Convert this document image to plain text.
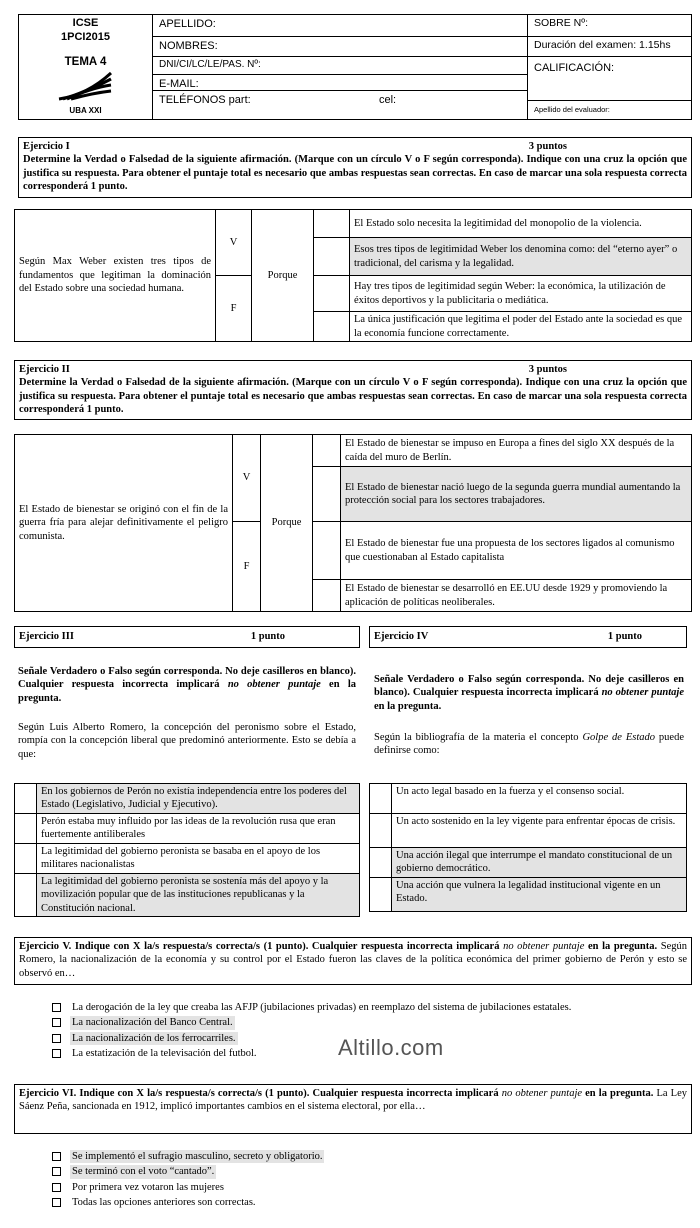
ICSE
1PCI2015
TEMA 4
UBA XXI
APELLIDO:
NOMBRES:
DNI/CI/LC/LE/PAS. Nº:
E-MAIL:
TELÉFONOS part:	cel:
SOBRE Nº:
Duración del examen: 1.15hs
CALIFICACIÓN:
Apellido del evaluador:
Ejercicio I	3 puntos
Determine la Verdad o Falsedad de la siguiente afirmación. (Marque con un círculo V o F según corresponda). Indique con una cruz la opción que justifica su respuesta. Para obtener el puntaje total es necesario que ambas respuestas sean correctas. En caso de marcar una sola respuesta correcta corresponderá 1 punto.
Según Max Weber existen tres tipos de fundamentos que legitiman la dominación del Estado sobre una sociedad humana.	V	Porque		El Estado solo necesita la legitimidad del monopolio de la violencia.
				Esos tres tipos de legitimidad Weber los denomina como: del “eterno ayer” o tradicional, del carisma y la legalidad.
	F			Hay tres tipos de legitimidad según Weber: la económica, la utilización de éxitos deportivos y la publicitaria o mediática.
				La única justificación que legitima el poder del Estado ante la sociedad es que la economía funcione correctamente.
Ejercicio II	3 puntos
Determine la Verdad o Falsedad de la siguiente afirmación. (Marque con un círculo V o F según corresponda). Indique con una cruz la opción que justifica su respuesta. Para obtener el puntaje total es necesario que ambas respuestas sean correctas. En caso de marcar una sola respuesta correcta corresponderá 1 punto.
El Estado de bienestar se originó con el fin de la guerra fría para alejar definitivamente el peligro comunista.	V	Porque		El Estado de bienestar se impuso en Europa a fines del siglo XX después de la caída del muro de Berlín.
				El Estado de bienestar nació luego de la segunda guerra mundial aumentando la protección social para los sectores trabajadores.
	F			El Estado de bienestar fue una propuesta de los sectores ligados al comunismo que cuestionaban al Estado capitalista
				El Estado de bienestar se desarrolló en EE.UU desde 1929 y promoviendo la aplicación de políticas neoliberales.
Ejercicio III	1 punto
Señale Verdadero o Falso según corresponda. No deje casilleros en blanco). Cualquier respuesta incorrecta implicará no obtener puntaje en la pregunta.
Según Luis Alberto Romero, la concepción del peronismo sobre el Estado, rompía con la concepción liberal que predominó anteriormente. Esto se debía a que:
	En los gobiernos de Perón no existía independencia entre los poderes del Estado (Legislativo, Judicial y Ejecutivo).
	Perón estaba muy influido por las ideas de la revolución rusa que eran fuertemente antiliberales
	La legitimidad del gobierno peronista se basaba en el apoyo de los militares nacionalistas
	La legitimidad del gobierno peronista se sostenía más del apoyo y la movilización popular que de las instituciones republicanas y la Constitución nacional.
Ejercicio IV	1 punto
Señale Verdadero o Falso según corresponda. No deje casilleros en blanco). Cualquier respuesta incorrecta implicará no obtener puntaje en la pregunta.
Según la bibliografía de la materia el concepto Golpe de Estado puede definirse como:
	Un acto legal basado en la fuerza y el consenso social.
	Un acto sostenido en la ley vigente para enfrentar épocas de crisis.
	Una acción ilegal que interrumpe el mandato constitucional de un gobierno democrático.
	Una acción que vulnera la legalidad institucional vigente en un Estado.
Ejercicio V. Indique con X la/s respuesta/s correcta/s (1 punto). Cualquier respuesta incorrecta implicará no obtener puntaje en la pregunta. Según Romero, la nacionalización de la economía y su control por el Estado fueron las claves de la política económica del primer gobierno de Perón y esto se observó en…
La derogación de la ley que creaba las AFJP (jubilaciones privadas) en reemplazo del sistema de jubilaciones estatales.
La nacionalización del Banco Central.
La nacionalización de los ferrocarriles.
La estatización de la televisación del futbol.	Altillo.com
Ejercicio VI. Indique con X la/s respuesta/s correcta/s (1 punto). Cualquier respuesta incorrecta implicará no obtener puntaje en la pregunta. La Ley Sáenz Peña, sancionada en 1912, implicó importantes cambios en el sistema electoral, por ella…
Se implementó el sufragio masculino, secreto y obligatorio.
Se terminó con el voto “cantado”.
Por primera vez votaron las mujeres
Todas las opciones anteriores son correctas.
